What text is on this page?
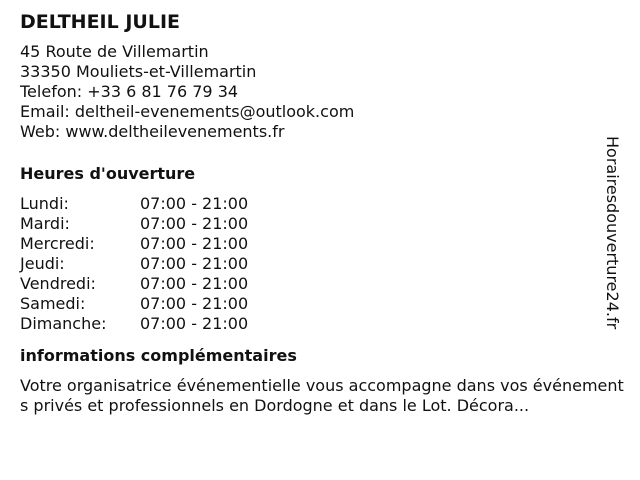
DELTHEIL JULIE
45 Route de Villemartin
33350 Mouliets-et-Villemartin
Telefon: +33 6 81 76 79 34
Email: deltheil-evenements@outlook.com
Web: www.deltheilevenements.fr
Heures d'ouverture
Lundi:	07:00 - 21:00
Mardi:	07:00 - 21:00
Mercredi:	07:00 - 21:00
Jeudi:	07:00 - 21:00
Vendredi:	07:00 - 21:00
Samedi:	07:00 - 21:00
Dimanche:	07:00 - 21:00
informations complémentaires
Votre organisatrice événementielle vous accompagne dans vos événements privés et professionnels en Dordogne et dans le Lot. Décora...
Horairesdouverture24.fr
